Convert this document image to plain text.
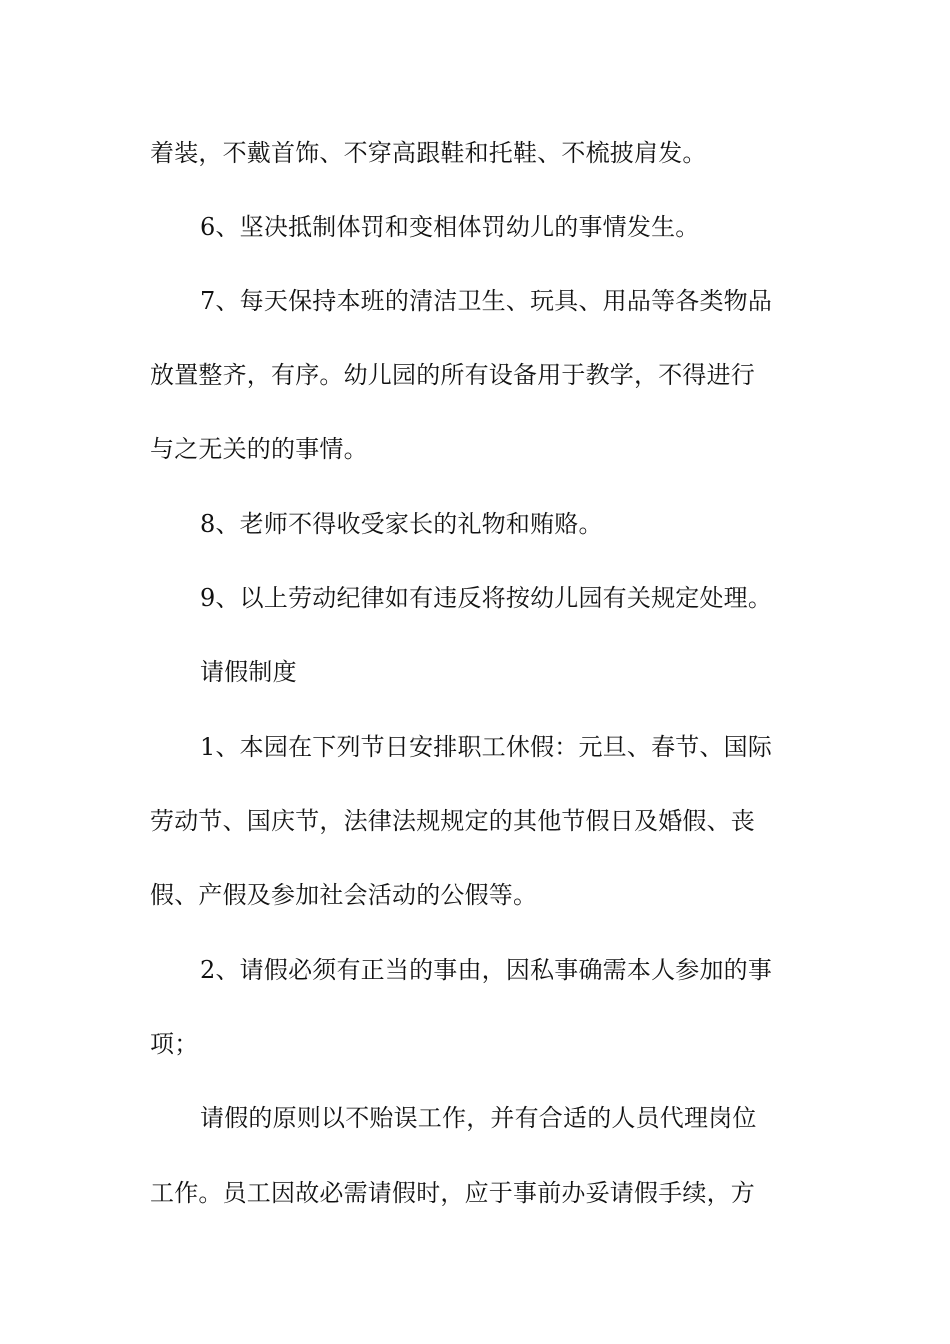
着装，不戴首饰、不穿高跟鞋和托鞋、不梳披肩发。
6、坚决抵制体罚和变相体罚幼儿的事情发生。
7、每天保持本班的清洁卫生、玩具、用品等各类物品
放置整齐，有序。幼儿园的所有设备用于教学，不得进行
与之无关的的事情。
8、老师不得收受家长的礼物和贿赂。
9、以上劳动纪律如有违反将按幼儿园有关规定处理。
请假制度
1、本园在下列节日安排职工休假：元旦、春节、国际
劳动节、国庆节，法律法规规定的其他节假日及婚假、丧
假、产假及参加社会活动的公假等。
2、请假必须有正当的事由，因私事确需本人参加的事
项；
请假的原则以不贻误工作，并有合适的人员代理岗位
工作。员工因故必需请假时，应于事前办妥请假手续，方
